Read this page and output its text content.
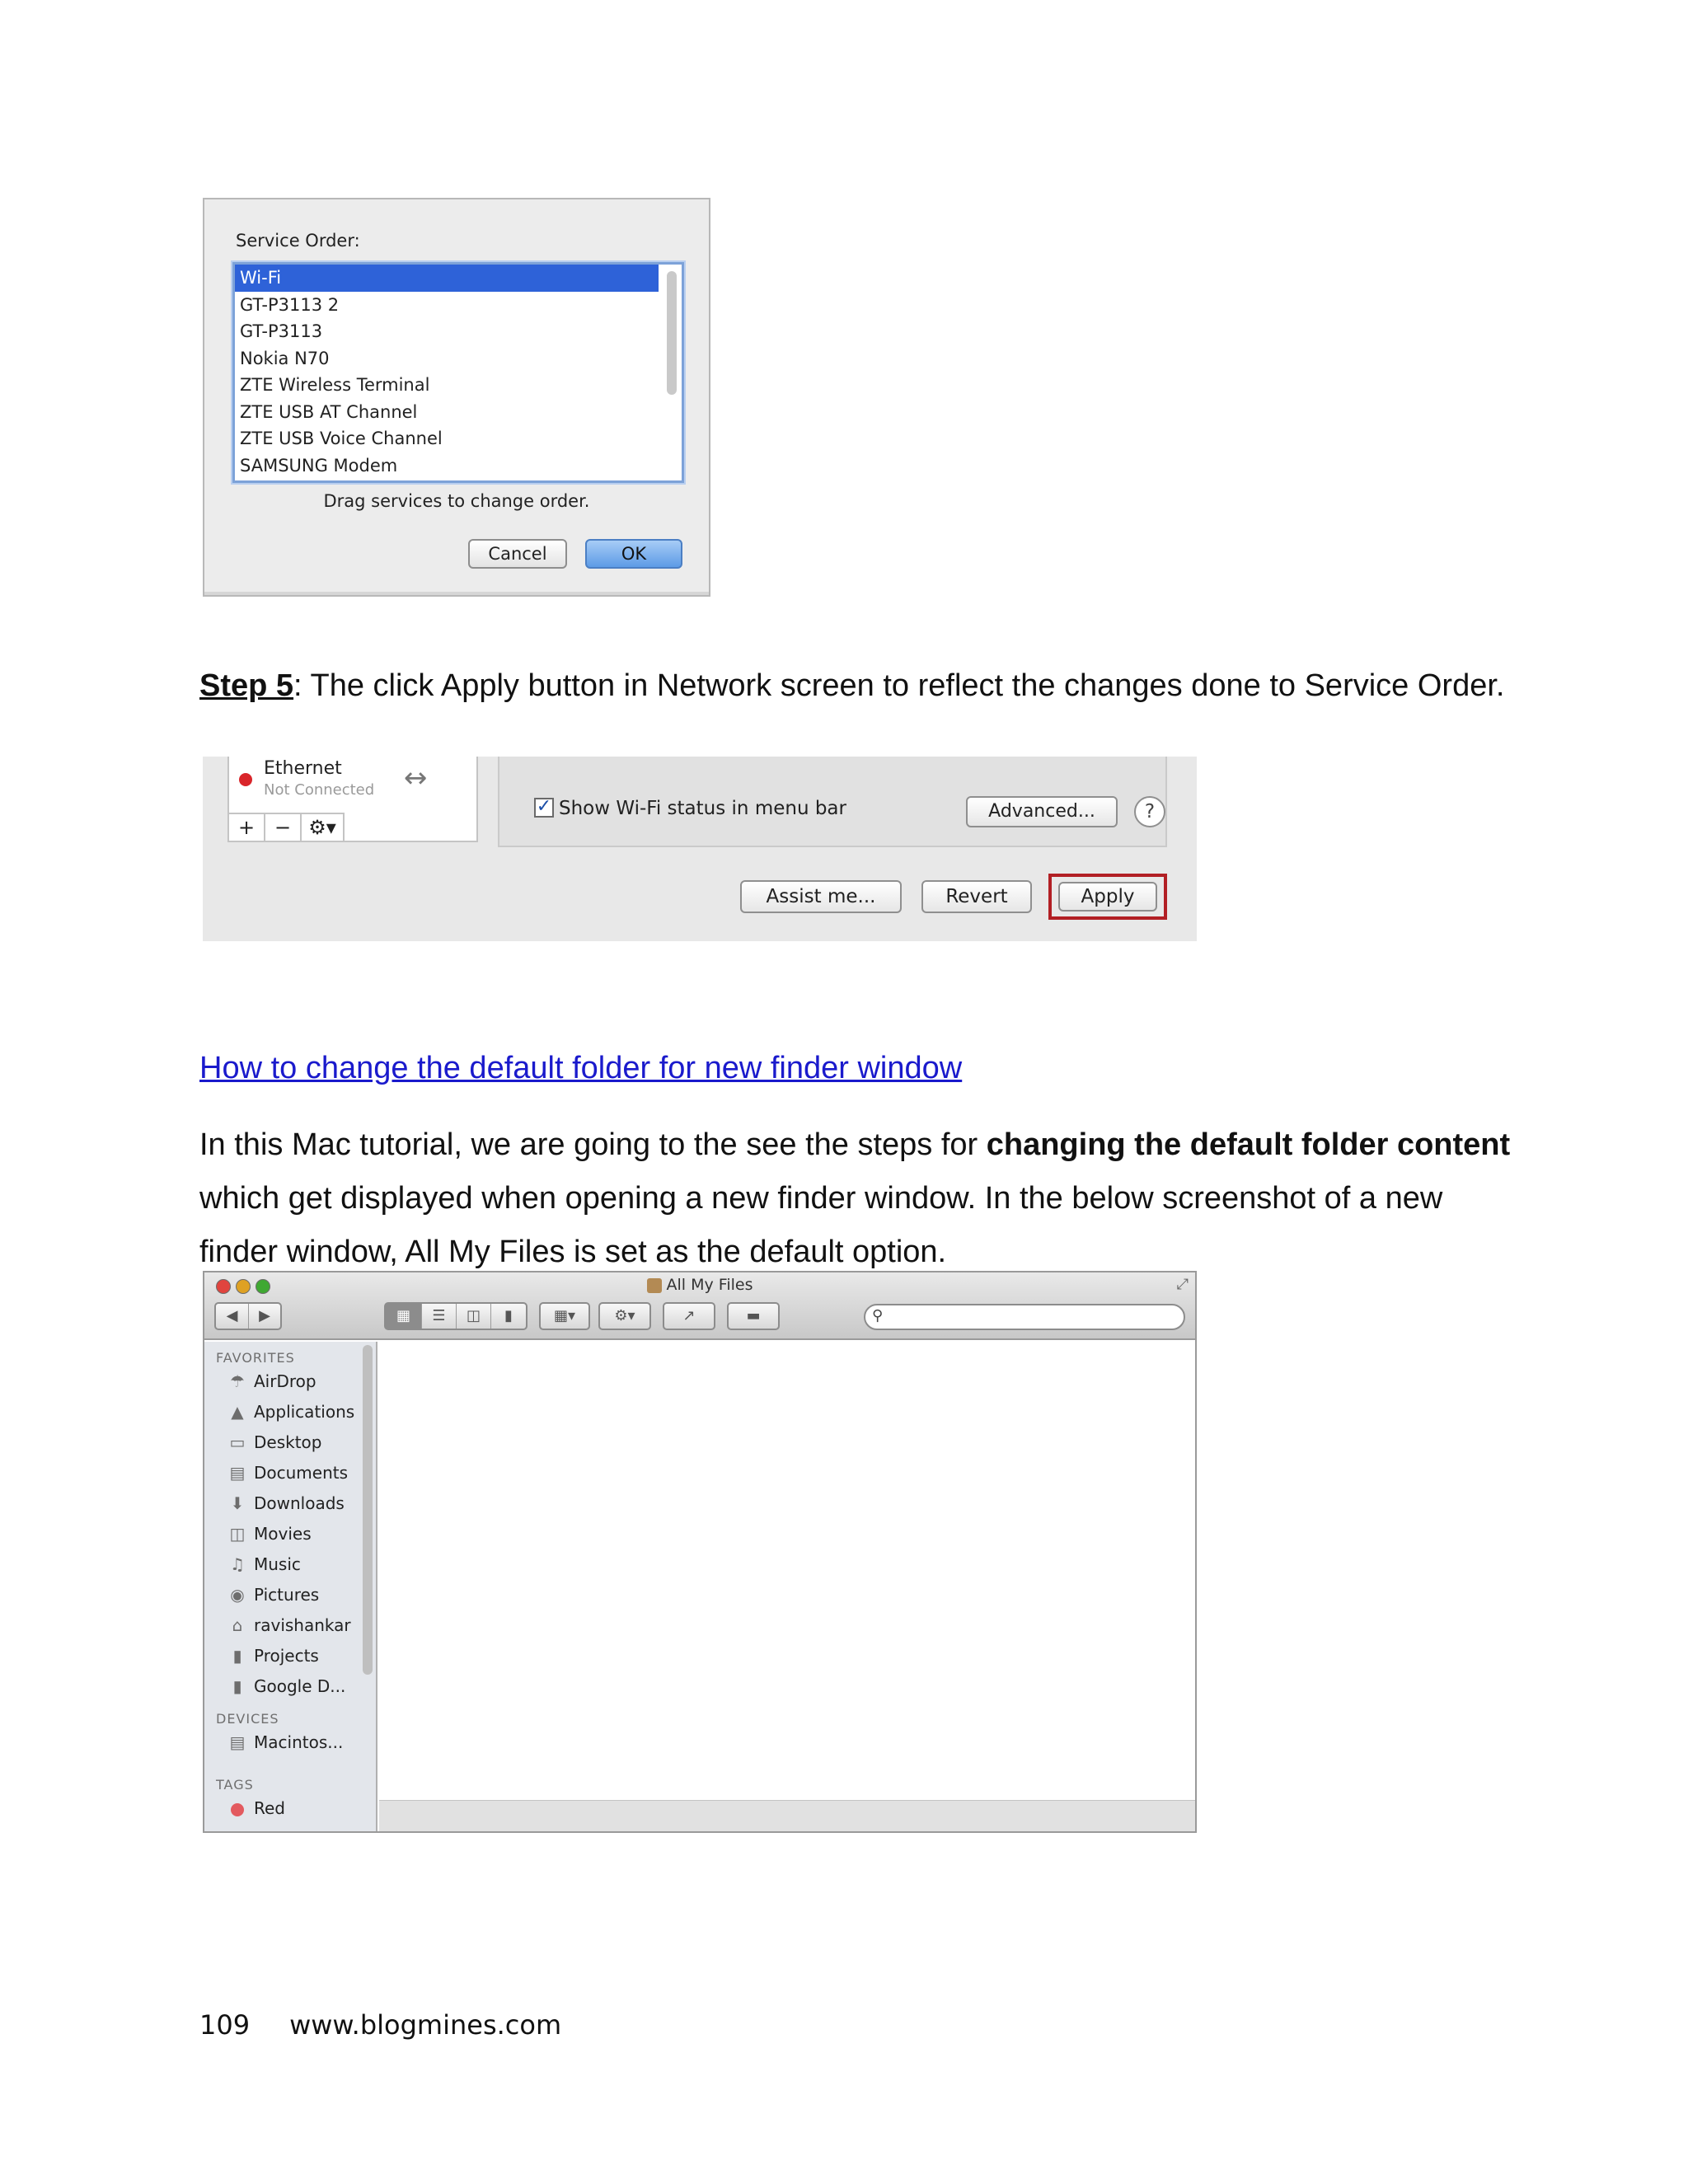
Service Order:
Wi-Fi
GT-P3113 2
GT-P3113
Nokia N70
ZTE Wireless Terminal
ZTE USB AT Channel
ZTE USB Voice Channel
SAMSUNG Modem
Drag services to change order.
Cancel	OK
Step 5: The click Apply button in Network screen to reflect the changes done to Service Order.
Ethernet
Not Connected ↔
+ − ⚙▾
✓ Show Wi-Fi status in menu bar	Advanced...	?
Assist me...	Revert	Apply
How to change the default folder for new finder window
In this Mac tutorial, we are going to the see the steps for changing the default folder content which get displayed when opening a new finder window. In the below screenshot of a new finder window, All My Files is set as the default option.
All My Files	⤢
◀	▶	▦	☰	◫	▮	▦▾	⚙▾	↗	▬	⚲
FAVORITES
☂ AirDrop
▲ Applications
▭ Desktop
▤ Documents
⬇ Downloads
◫ Movies
♫ Music
◉ Pictures
⌂ ravishankar
▮ Projects
▮ Google D...
DEVICES
▤ Macintos...
TAGS
Red
109 www.blogmines.com
